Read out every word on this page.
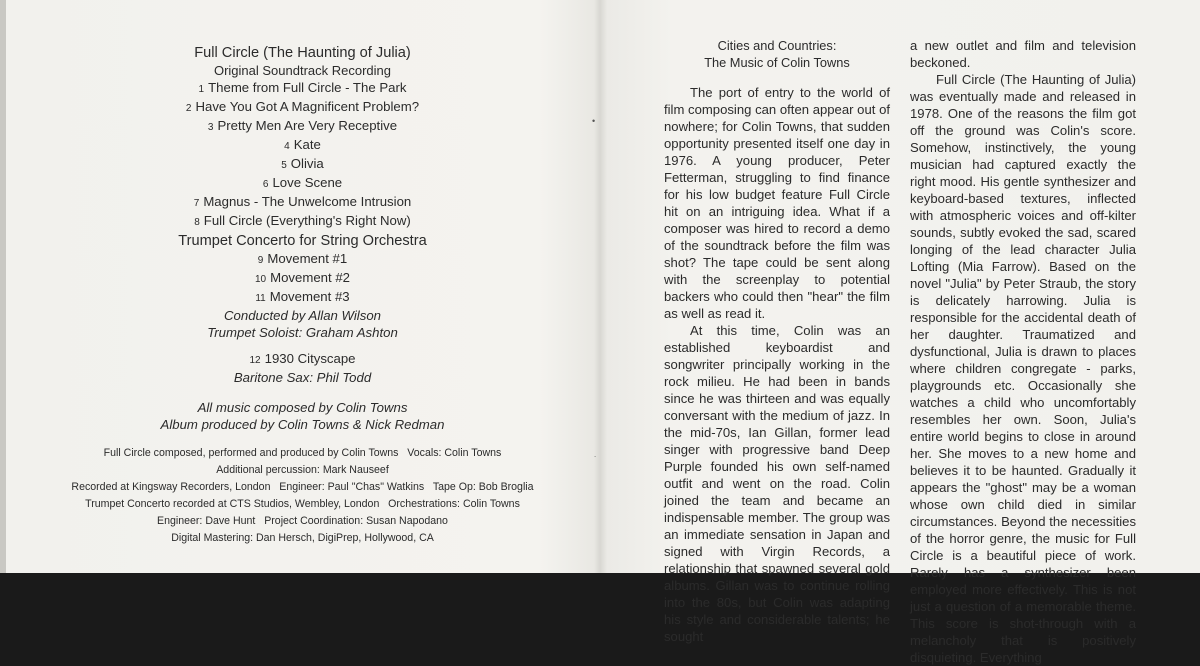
Full Circle (The Haunting of Julia)
Original Soundtrack Recording
1 Theme from Full Circle - The Park
2 Have You Got A Magnificent Problem?
3 Pretty Men Are Very Receptive
4 Kate
5 Olivia
6 Love Scene
7 Magnus - The Unwelcome Intrusion
8 Full Circle (Everything's Right Now)
Trumpet Concerto for String Orchestra
9 Movement #1
10 Movement #2
11 Movement #3
Conducted by Allan Wilson
Trumpet Soloist: Graham Ashton
12 1930 Cityscape
Baritone Sax: Phil Todd
All music composed by Colin Towns
Album produced by Colin Towns & Nick Redman
Full Circle composed, performed and produced by Colin Towns   Vocals: Colin Towns
Additional percussion: Mark Nauseef
Recorded at Kingsway Recorders, London   Engineer: Paul "Chas" Watkins   Tape Op: Bob Broglia
Trumpet Concerto recorded at CTS Studios, Wembley, London   Orchestrations: Colin Towns
Engineer: Dave Hunt   Project Coordination: Susan Napodano
Digital Mastering: Dan Hersch, DigiPrep, Hollywood, CA
•
˙
Cities and Countries:
The Music of Colin Towns

The port of entry to the world of film composing can often appear out of nowhere; for Colin Towns, that sudden opportunity presented itself one day in 1976. A young producer, Peter Fetterman, struggling to find finance for his low budget feature Full Circle hit on an intriguing idea. What if a composer was hired to record a demo of the soundtrack before the film was shot? The tape could be sent along with the screenplay to potential backers who could then "hear" the film as well as read it.

At this time, Colin was an established keyboardist and songwriter principally working in the rock milieu. He had been in bands since he was thirteen and was equally conversant with the medium of jazz. In the mid-70s, Ian Gillan, former lead singer with progressive band Deep Purple founded his own self-named outfit and went on the road. Colin joined the team and became an indispensable member. The group was an immediate sensation in Japan and signed with Virgin Records, a relationship that spawned several gold albums. Gillan was to continue rolling into the 80s, but Colin was adapting his style and considerable talents; he sought

a new outlet and film and television beckoned.

Full Circle (The Haunting of Julia) was eventually made and released in 1978. One of the reasons the film got off the ground was Colin's score. Somehow, instinctively, the young musician had captured exactly the right mood. His gentle synthesizer and keyboard-based textures, inflected with atmospheric voices and off-kilter sounds, subtly evoked the sad, scared longing of the lead character Julia Lofting (Mia Farrow). Based on the novel "Julia" by Peter Straub, the story is delicately harrowing. Julia is responsible for the accidental death of her daughter. Traumatized and dysfunctional, Julia is drawn to places where children congregate - parks, playgrounds etc. Occasionally she watches a child who uncomfortably resembles her own. Soon, Julia's entire world begins to close in around her. She moves to a new home and believes it to be haunted. Gradually it appears the "ghost" may be a woman whose own child died in similar circumstances. Beyond the necessities of the horror genre, the music for Full Circle is a beautiful piece of work. Rarely has a synthesizer been employed more effectively. This is not just a question of a memorable theme. This score is shot-through with a melancholy that is positively disquieting. Everything
